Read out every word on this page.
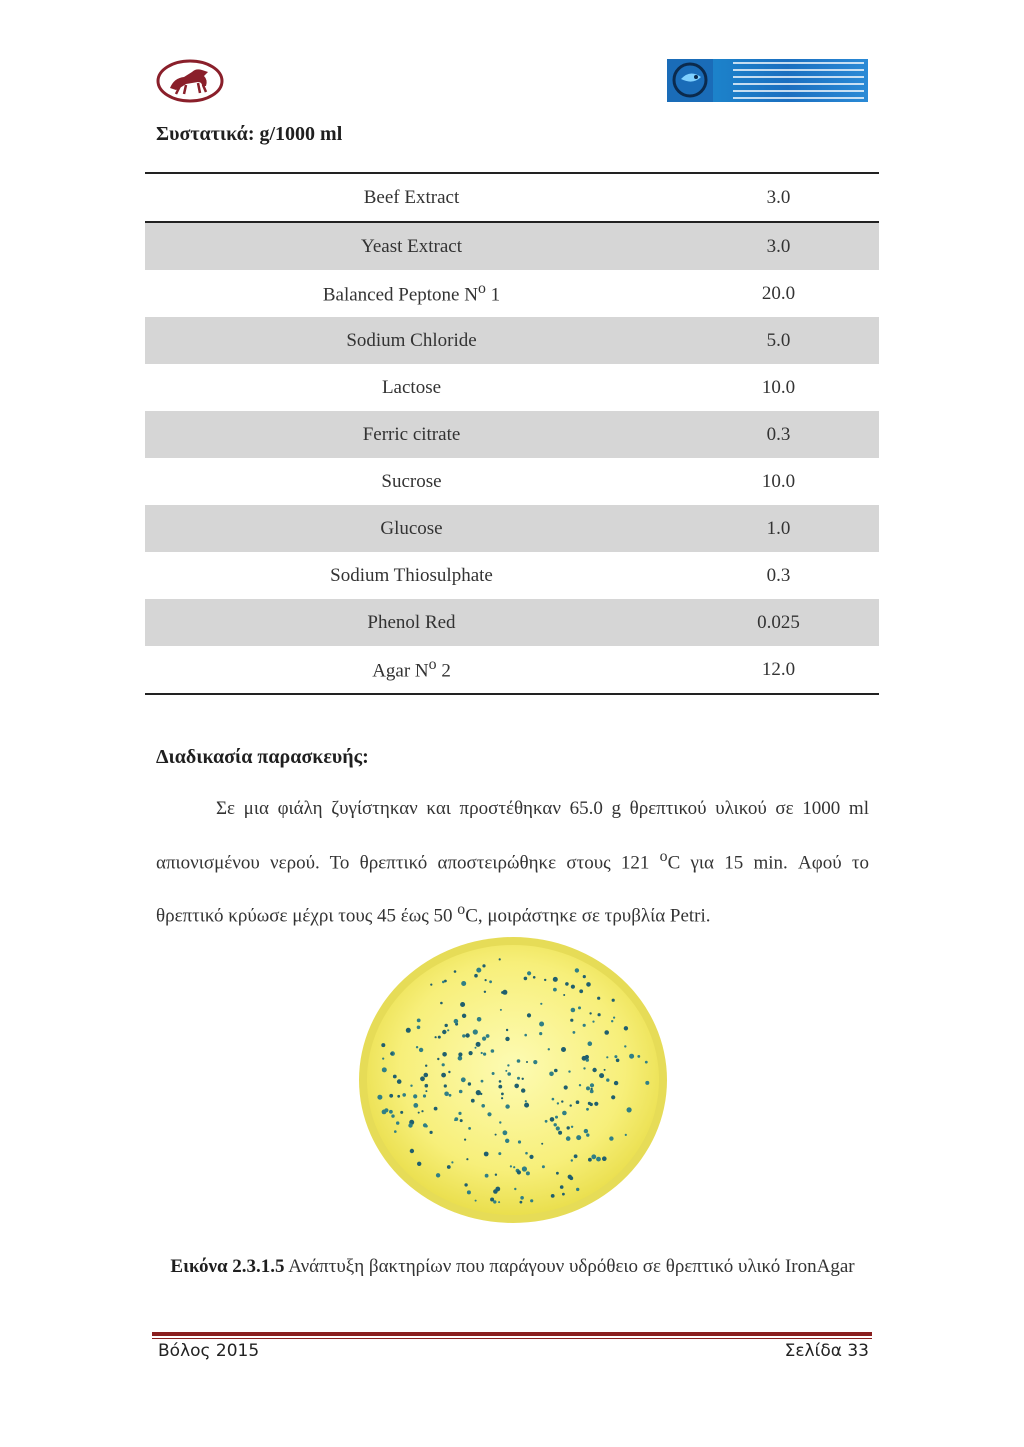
Συστατικά: g/1000 ml
Beef Extract	3.0
Yeast Extract	3.0
Balanced Peptone $N^o$ 1	20.0
Sodium Chloride	5.0
Lactose	10.0
Ferric citrate	0.3
Sucrose	10.0
Glucose	1.0
Sodium Thiosulphate	0.3
Phenol Red	0.025
Agar $N^o$ 2	12.0
Διαδικασία παρασκευής:

Σε μια φιάλη ζυγίστηκαν και προστέθηκαν 65.0 g θρεπτικού υλικού σε 1000 ml απιονισμένου νερού. Το θρεπτικό αποστειρώθηκε στους 121 $^o$C για 15 min. Αφού το θρεπτικό κρύωσε μέχρι τους 45 έως 50 $^o$C, μοιράστηκε σε τρυβλία Petri.

Εικόνα 2.3.1.5 Ανάπτυξη βακτηρίων που παράγουν υδρόθειο σε θρεπτικό υλικό IronAgar

Βόλος 2015	Σελίδα 33
